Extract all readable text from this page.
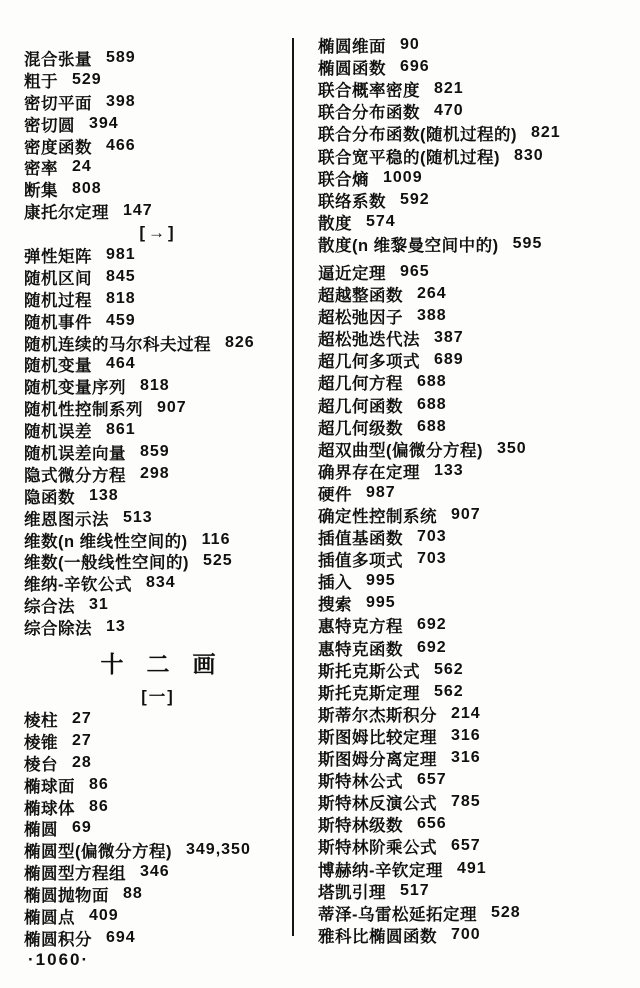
混合张量 589
粗于 529
密切平面 398
密切圆 394
密度函数 466
密率 24
断集 808
康托尔定理 147
[→]
弹性矩阵 981
随机区间 845
随机过程 818
随机事件 459
随机连续的马尔科夫过程 826
随机变量 464
随机变量序列 818
随机性控制系列 907
随机误差 861
随机误差向量 859
隐式微分方程 298
隐函数 138
维恩图示法 513
维数(n 维线性空间的) 116
维数(一般线性空间的) 525
维纳-辛钦公式 834
综合法 31
综合除法 13
十　二　画
[一]
棱柱 27
棱锥 27
棱台 28
椭球面 86
椭球体 86
椭圆 69
椭圆型(偏微分方程) 349,350
椭圆型方程组 346
椭圆抛物面 88
椭圆点 409
椭圆积分 694
椭圆维面 90
椭圆函数 696
联合概率密度 821
联合分布函数 470
联合分布函数(随机过程的) 821
联合宽平稳的(随机过程) 830
联合熵 1009
联络系数 592
散度 574
散度(n 维黎曼空间中的) 595
逼近定理 965
超越整函数 264
超松弛因子 388
超松弛迭代法 387
超几何多项式 689
超几何方程 688
超几何函数 688
超几何级数 688
超双曲型(偏微分方程) 350
确界存在定理 133
硬件 987
确定性控制系统 907
插值基函数 703
插值多项式 703
插入 995
搜索 995
惠特克方程 692
惠特克函数 692
斯托克斯公式 562
斯托克斯定理 562
斯蒂尔杰斯积分 214
斯图姆比较定理 316
斯图姆分离定理 316
斯特林公式 657
斯特林反演公式 785
斯特林级数 656
斯特林阶乘公式 657
博赫纳-辛钦定理 491
塔凯引理 517
蒂泽-乌雷松延拓定理 528
雅科比椭圆函数 700
·1060·
